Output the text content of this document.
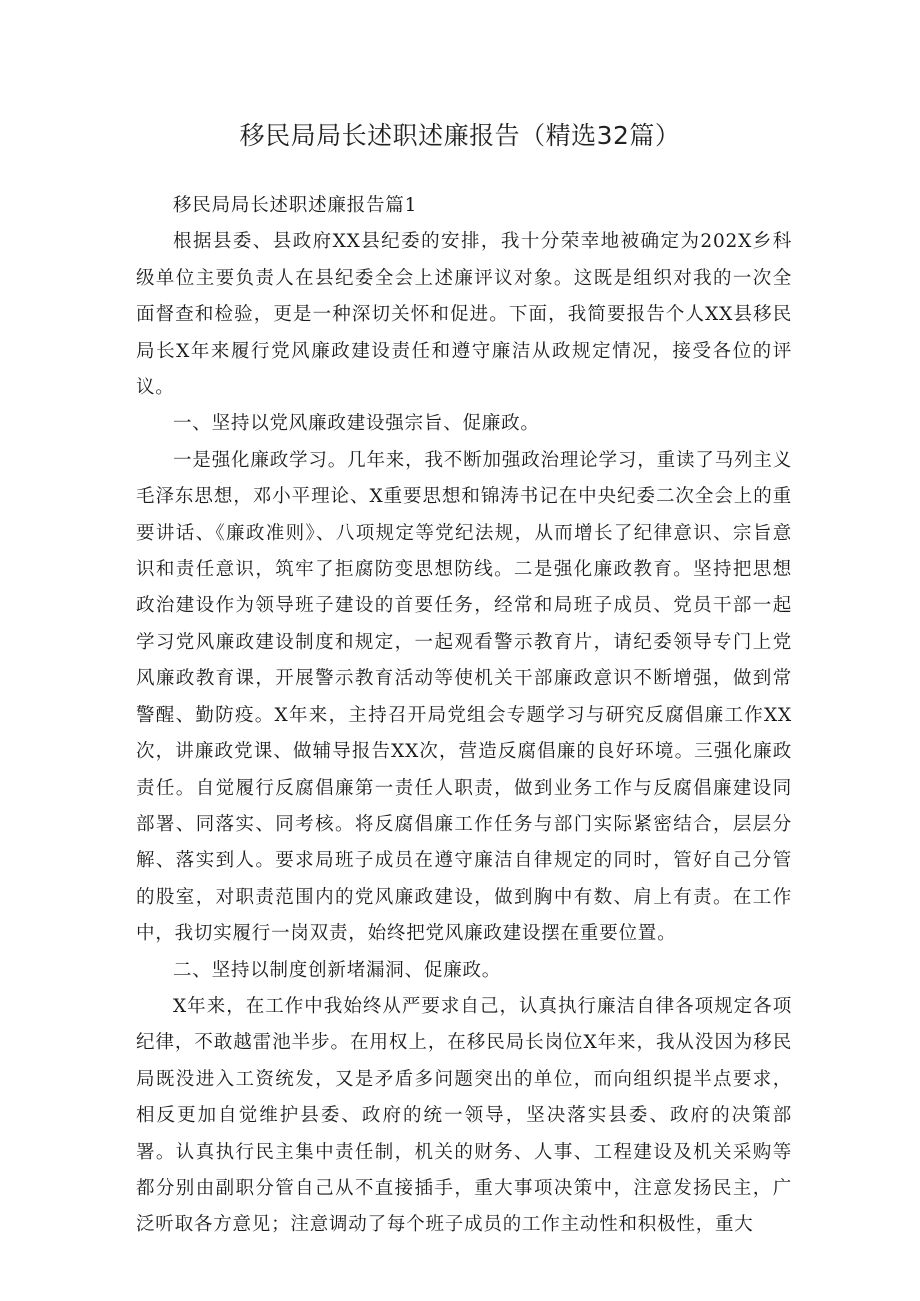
移民局局长述职述廉报告（精选32篇）

移民局局长述职述廉报告篇1

根据县委、县政府XX县纪委的安排，我十分荣幸地被确定为202X乡科级单位主要负责人在县纪委全会上述廉评议对象。这既是组织对我的一次全面督查和检验，更是一种深切关怀和促进。下面，我简要报告个人XX县移民局长X年来履行党风廉政建设责任和遵守廉洁从政规定情况，接受各位的评议。

一、坚持以党风廉政建设强宗旨、促廉政。

一是强化廉政学习。几年来，我不断加强政治理论学习，重读了马列主义毛泽东思想，邓小平理论、X重要思想和锦涛书记在中央纪委二次全会上的重要讲话、《廉政准则》、八项规定等党纪法规，从而增长了纪律意识、宗旨意识和责任意识，筑牢了拒腐防变思想防线。二是强化廉政教育。坚持把思想政治建设作为领导班子建设的首要任务，经常和局班子成员、党员干部一起学习党风廉政建设制度和规定，一起观看警示教育片，请纪委领导专门上党风廉政教育课，开展警示教育活动等使机关干部廉政意识不断增强，做到常警醒、勤防疫。X年来，主持召开局党组会专题学习与研究反腐倡廉工作XX次，讲廉政党课、做辅导报告XX次，营造反腐倡廉的良好环境。三强化廉政责任。自觉履行反腐倡廉第一责任人职责，做到业务工作与反腐倡廉建设同部署、同落实、同考核。将反腐倡廉工作任务与部门实际紧密结合，层层分解、落实到人。要求局班子成员在遵守廉洁自律规定的同时，管好自己分管的股室，对职责范围内的党风廉政建设，做到胸中有数、肩上有责。在工作中，我切实履行一岗双责，始终把党风廉政建设摆在重要位置。

二、坚持以制度创新堵漏洞、促廉政。

X年来，在工作中我始终从严要求自己，认真执行廉洁自律各项规定各项纪律，不敢越雷池半步。在用权上，在移民局长岗位X年来，我从没因为移民局既没进入工资统发，又是矛盾多问题突出的单位，而向组织提半点要求，相反更加自觉维护县委、政府的统一领导，坚决落实县委、政府的决策部署。认真执行民主集中责任制，机关的财务、人事、工程建设及机关采购等都分别由副职分管自己从不直接插手，重大事项决策中，注意发扬民主，广泛听取各方意见；注意调动了每个班子成员的工作主动性和积极性，重大
